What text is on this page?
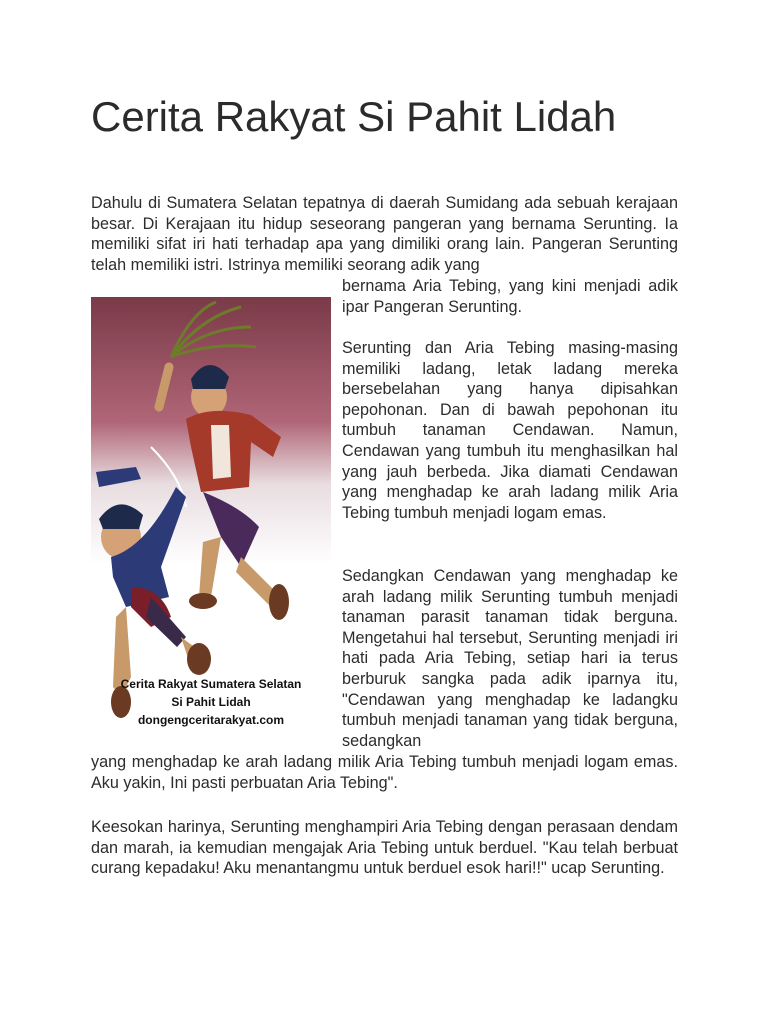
Cerita Rakyat Si Pahit Lidah

Dahulu di Sumatera Selatan tepatnya di daerah Sumidang ada sebuah kerajaan besar. Di Kerajaan itu hidup seseorang pangeran yang bernama Serunting. Ia memiliki sifat iri hati terhadap apa yang dimiliki orang lain. Pangeran Serunting telah memiliki istri. Istrinya memiliki seorang adik yang

Cerita Rakyat Sumatera Selatan
Si Pahit Lidah
dongengceritarakyat.com

bernama Aria Tebing, yang kini menjadi adik ipar Pangeran Serunting.

Serunting dan Aria Tebing masing-masing memiliki ladang, letak ladang mereka bersebelahan yang hanya dipisahkan pepohonan. Dan di bawah pepohonan itu tumbuh tanaman Cendawan. Namun, Cendawan yang tumbuh itu menghasilkan hal yang jauh berbeda. Jika diamati Cendawan yang menghadap ke arah ladang milik Aria Tebing tumbuh menjadi logam emas.

Sedangkan Cendawan yang menghadap ke arah ladang milik Serunting tumbuh menjadi tanaman parasit tanaman tidak berguna. Mengetahui hal tersebut, Serunting menjadi iri hati pada Aria Tebing, setiap hari ia terus berburuk sangka pada adik iparnya itu, "Cendawan yang menghadap ke ladangku tumbuh menjadi tanaman yang tidak berguna, sedangkan

yang menghadap ke arah ladang milik Aria Tebing tumbuh menjadi logam emas. Aku yakin, Ini pasti perbuatan Aria Tebing".

Keesokan harinya, Serunting menghampiri Aria Tebing dengan perasaan dendam dan marah, ia kemudian mengajak Aria Tebing untuk berduel. "Kau telah berbuat curang kepadaku! Aku menantangmu untuk berduel esok hari!!" ucap Serunting.
